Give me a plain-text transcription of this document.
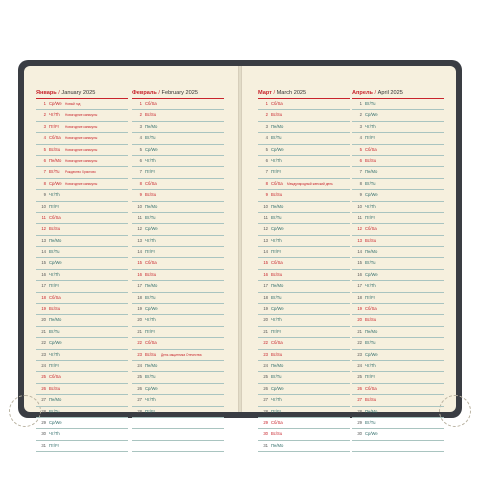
Январь / January 2025
1 Ср/We Новый год
2 Чт/Th Новогодние каникулы
3 Пт/Fr Новогодние каникулы
4 Сб/Sa Новогодние каникулы
5 Вс/Su Новогодние каникулы
6 Пн/Mo Новогодние каникулы
7 Вт/Tu Рождество Христово
8 Ср/We Новогодние каникулы
9 Чт/Th
10 Пт/Fr
11 Сб/Sa
12 Вс/Su
13 Пн/Mo
14 Вт/Tu
15 Ср/We
16 Чт/Th
17 Пт/Fr
18 Сб/Sa
19 Вс/Su
20 Пн/Mo
21 Вт/Tu
22 Ср/We
23 Чт/Th
24 Пт/Fr
25 Сб/Sa
26 Вс/Su
27 Пн/Mo
28 Вт/Tu
29 Ср/We
30 Чт/Th
31 Пт/Fr
Февраль / February 2025
1 Сб/Sa
2 Вс/Su
3 Пн/Mo
4 Вт/Tu
5 Ср/We
6 Чт/Th
7 Пт/Fr
8 Сб/Sa
9 Вс/Su
10 Пн/Mo
11 Вт/Tu
12 Ср/We
13 Чт/Th
14 Пт/Fr
15 Сб/Sa
16 Вс/Su
17 Пн/Mo
18 Вт/Tu
19 Ср/We
20 Чт/Th
21 Пт/Fr
22 Сб/Sa
23 Вс/Su День защитника Отечества
24 Пн/Mo
25 Вт/Tu
26 Ср/We
27 Чт/Th
28 Пт/Fr
Март / March 2025
1 Сб/Sa
2 Вс/Su
3 Пн/Mo
4 Вт/Tu
5 Ср/We
6 Чт/Th
7 Пт/Fr
8 Сб/Sa Международный женский день
9 Вс/Su
10 Пн/Mo
11 Вт/Tu
12 Ср/We
13 Чт/Th
14 Пт/Fr
15 Сб/Sa
16 Вс/Su
17 Пн/Mo
18 Вт/Tu
19 Ср/We
20 Чт/Th
21 Пт/Fr
22 Сб/Sa
23 Вс/Su
24 Пн/Mo
25 Вт/Tu
26 Ср/We
27 Чт/Th
28 Пт/Fr
29 Сб/Sa
30 Вс/Su
31 Пн/Mo
Апрель / April 2025
1 Вт/Tu
2 Ср/We
3 Чт/Th
4 Пт/Fr
5 Сб/Sa
6 Вс/Su
7 Пн/Mo
8 Вт/Tu
9 Ср/We
10 Чт/Th
11 Пт/Fr
12 Сб/Sa
13 Вс/Su
14 Пн/Mo
15 Вт/Tu
16 Ср/We
17 Чт/Th
18 Пт/Fr
19 Сб/Sa
20 Вс/Su
21 Пн/Mo
22 Вт/Tu
23 Ср/We
24 Чт/Th
25 Пт/Fr
26 Сб/Sa
27 Вс/Su
28 Пн/Mo
29 Вт/Tu
30 Ср/We
